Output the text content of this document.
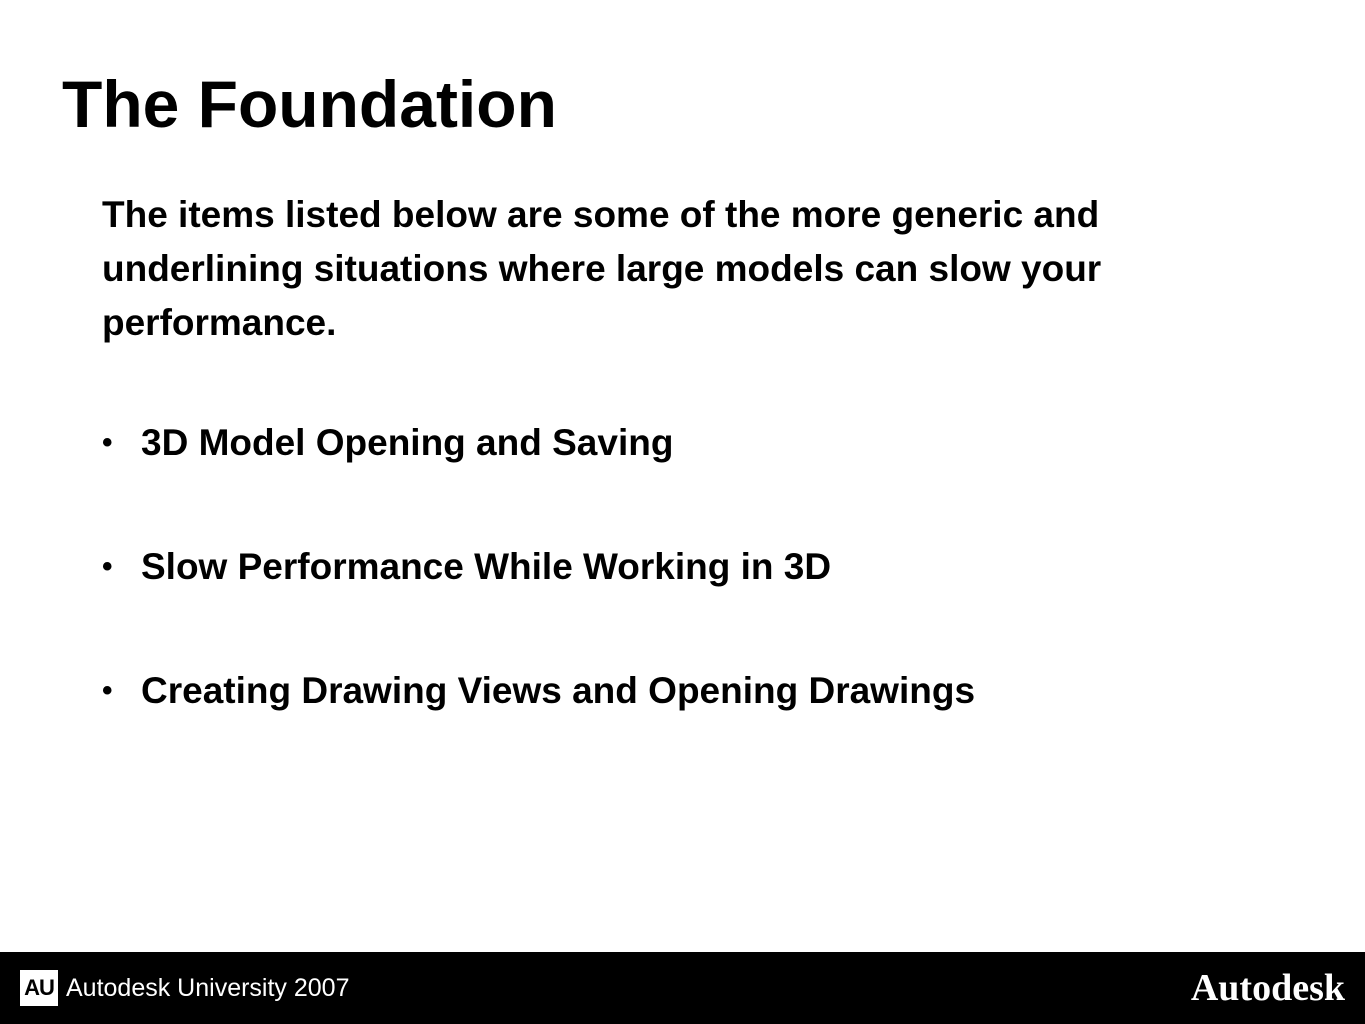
The Foundation

The items listed below are some of the more generic and underlining situations where large models can slow your performance.

• 3D Model Opening and Saving
• Slow Performance While Working in 3D
• Creating Drawing Views and Opening Drawings
AU Autodesk University 2007	Autodesk
